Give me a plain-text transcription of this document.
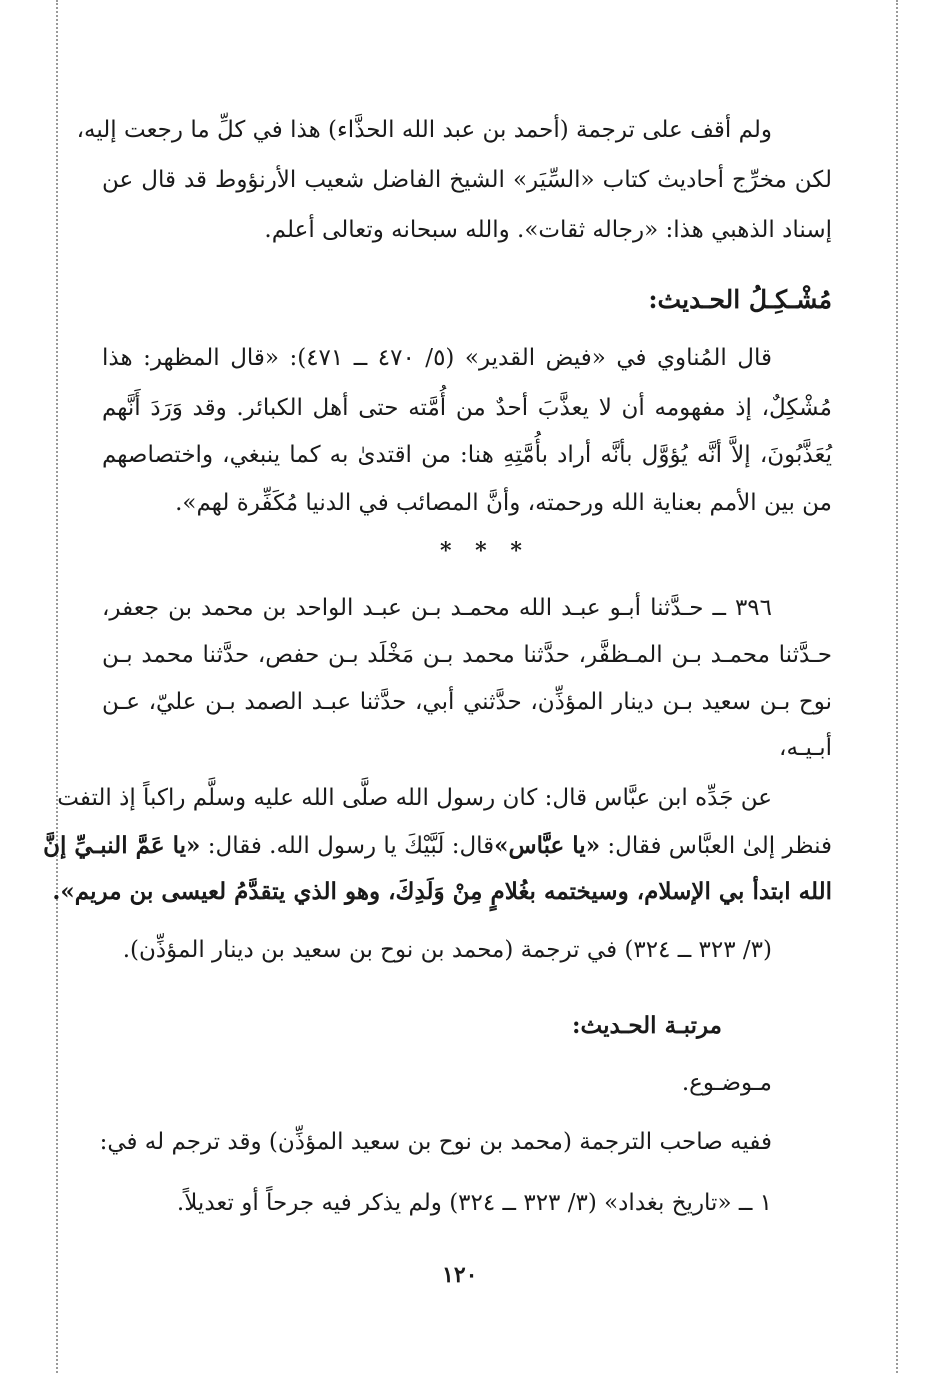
ولم أقف على ترجمة (أحمد بن عبد الله الحذَّاء) هذا في كلِّ ما رجعت إليه،
لكن مخرِّج أحاديث كتاب «السِّيَر» الشيخ الفاضل شعيب الأرنؤوط قد قال عن
إسناد الذهبي هذا: «رجاله ثقات». والله سبحانه وتعالى أعلم.
مُشْـكِـلُ الحـديث:
قال المُناوي في «فيض القدير» (٥/ ٤٧٠ ــ ٤٧١): «قال المظهر: هذا
مُشْكِلٌ، إذ مفهومه أن لا يعذَّبَ أحدٌ من أُمَّته حتى أهل الكبائر. وقد وَرَدَ أَنَّهم
يُعَذَّبُونَ، إلاَّ أنَّه يُؤوَّل بأنَّه أراد بأُمَّتِهِ هنا: من اقتدىٰ به كما ينبغي، واختصاصهم
من بين الأمم بعناية الله ورحمته، وأنَّ المصائب في الدنيا مُكَفِّرة لهم».
* * *
٣٩٦ ــ حـدَّثنا أبـو عبـد الله محمـد بـن عبـد الواحد بن محمد بن جعفر،
حـدَّثنا محمـد بـن المـظفَّر، حدَّثنا محمد بـن مَخْلَد بـن حفص، حدَّثنا محمد بـن
نوح بـن سعيد بـن دينار المؤذِّن، حدَّثني أبي، حدَّثنا عبـد الصمد بـن عليّ، عـن
أبـيـه،
عن جَدِّه ابن عبَّاس قال: كان رسول الله صلَّى الله عليه وسلَّم راكباً إذ التفت
فنظر إلىٰ العبَّاس فقال: «يا عبَّاس»قال: لَبَّيْكَ يا رسول الله. فقال: «يا عَمَّ النبـيِّ إنَّ
الله ابتدأ بي الإسلام، وسيختمه بغُلامٍ مِنْ وَلَدِكَ، وهو الذي يتقدَّمُ لعيسى بن مريم».
(٣/ ٣٢٣ ــ ٣٢٤) في ترجمة (محمد بن نوح بن سعيد بن دينار المؤذِّن).
مرتبـة الحـديث:
مـوضـوع.
ففيه صاحب الترجمة (محمد بن نوح بن سعيد المؤذِّن) وقد ترجم له في:
١ ــ «تاريخ بغداد» (٣/ ٣٢٣ ــ ٣٢٤) ولم يذكر فيه جرحاً أو تعديلاً.
١٢٠
